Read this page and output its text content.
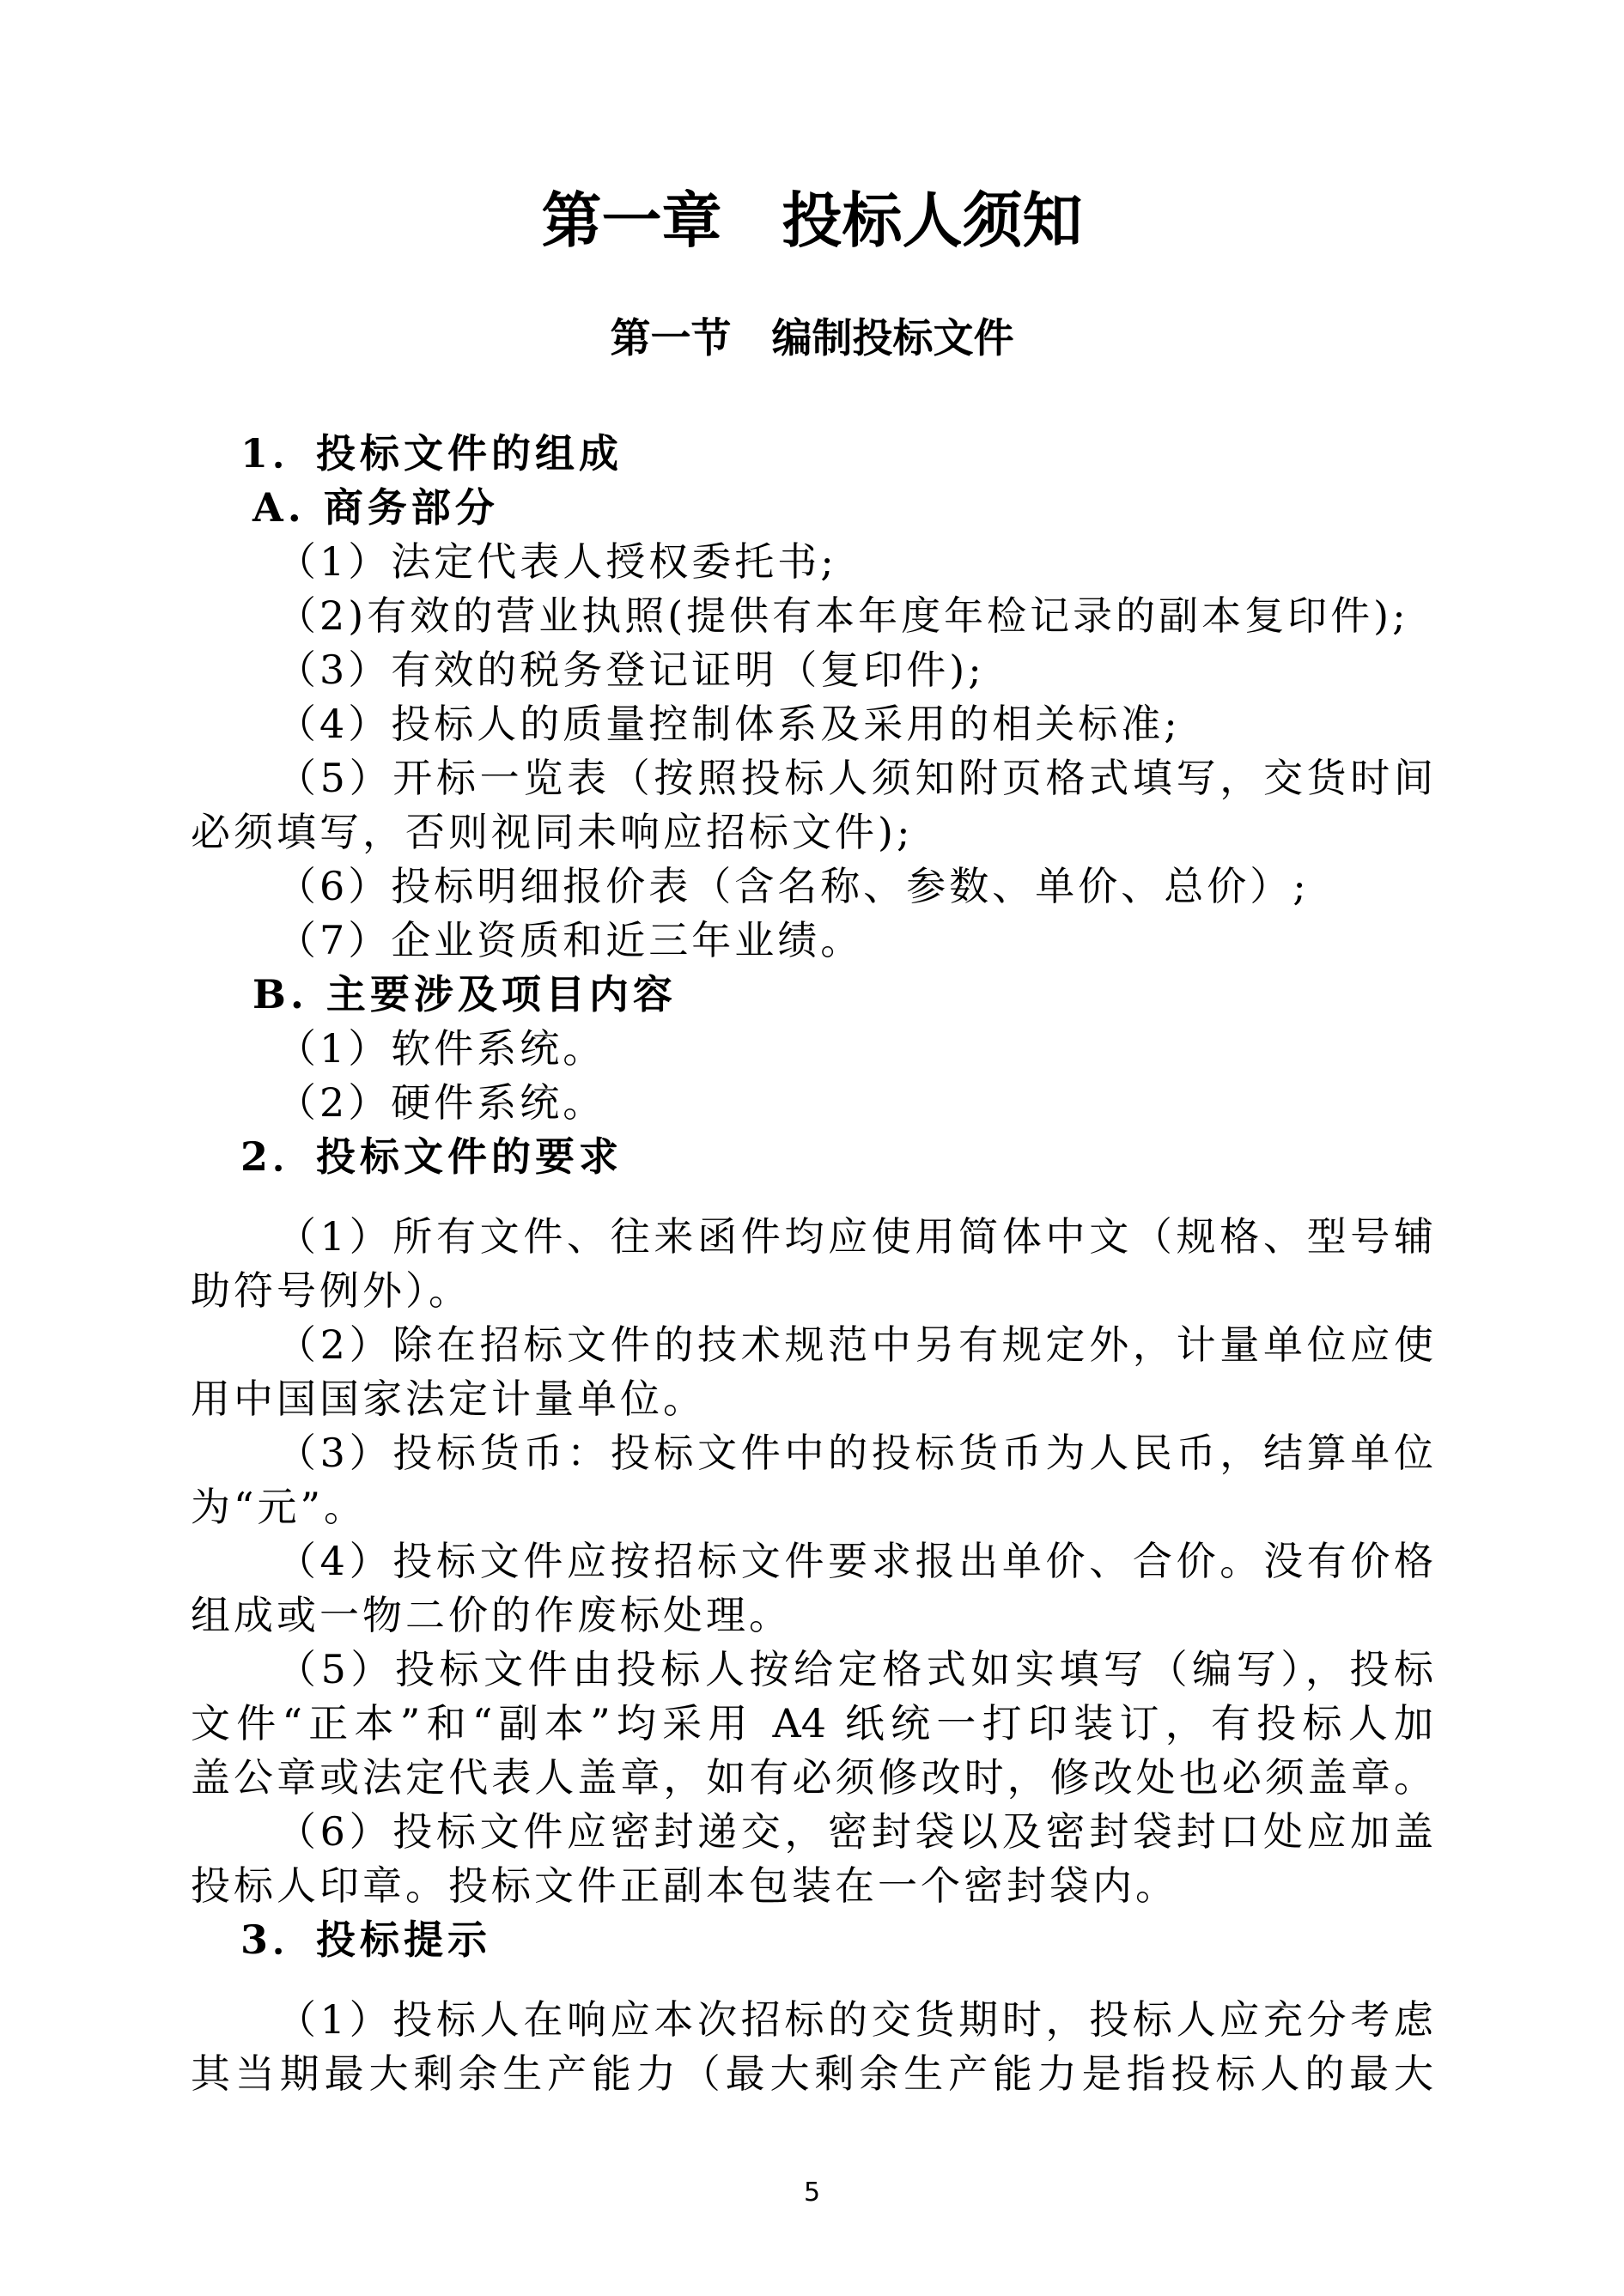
第一章　投标人须知
第一节　编制投标文件
1．投标文件的组成
A. 商务部分
（1）法定代表人授权委托书;
（2)有效的营业执照(提供有本年度年检记录的副本复印件);
（3）有效的税务登记证明（复印件);
（4）投标人的质量控制体系及采用的相关标准;
（5）开标一览表（按照投标人须知附页格式填写，交货时间
必须填写，否则视同未响应招标文件);
（6）投标明细报价表（含名称、参数、单价、总价）;
（7）企业资质和近三年业绩。
B. 主要涉及项目内容
（1）软件系统。
（2）硬件系统。
2．投标文件的要求
（1）所有文件、往来函件均应使用简体中文（规格、型号辅
助符号例外）。
（2）除在招标文件的技术规范中另有规定外，计量单位应使
用中国国家法定计量单位。
（3）投标货币：投标文件中的投标货币为人民币，结算单位
为“元”。
（4）投标文件应按招标文件要求报出单价、合价。没有价格
组成或一物二价的作废标处理。
（5）投标文件由投标人按给定格式如实填写（编写），投标
文件“正本”和“副本”均采用 A4 纸统一打印装订，有投标人加
盖公章或法定代表人盖章，如有必须修改时，修改处也必须盖章。
（6）投标文件应密封递交，密封袋以及密封袋封口处应加盖
投标人印章。投标文件正副本包装在一个密封袋内。
3．投标提示
（1）投标人在响应本次招标的交货期时，投标人应充分考虑
其当期最大剩余生产能力（最大剩余生产能力是指投标人的最大
5
